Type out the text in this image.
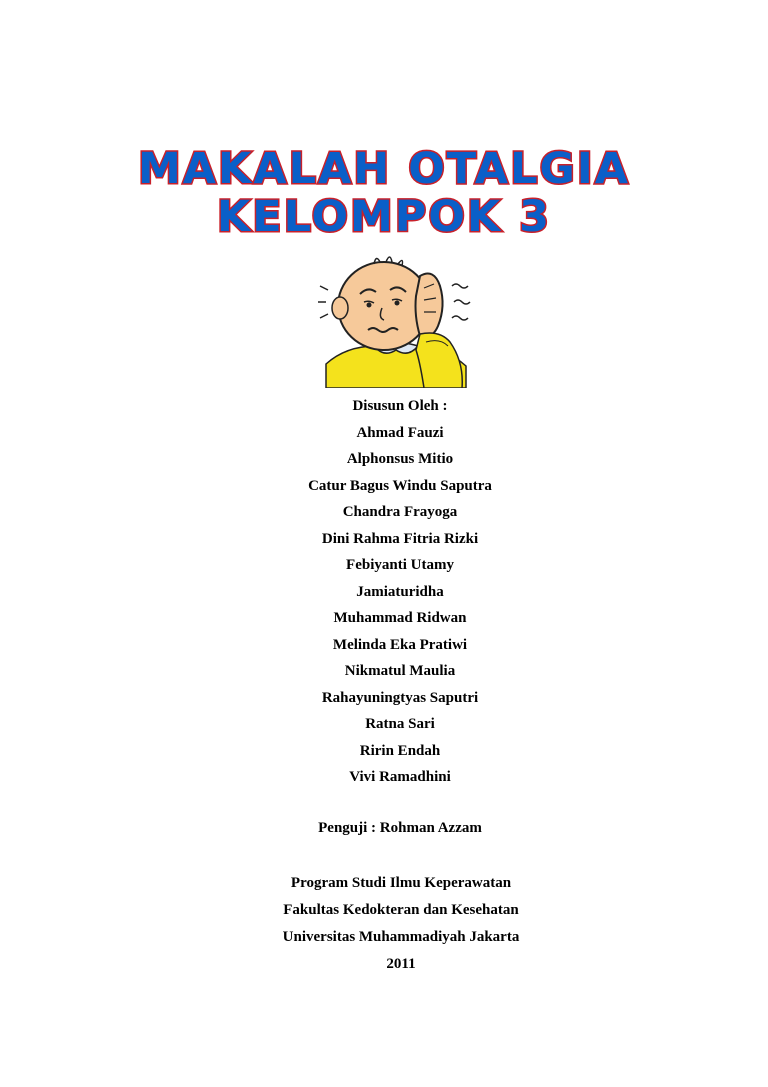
MAKALAH OTALGIA
KELOMPOK 3
Disusun Oleh :
Ahmad Fauzi
Alphonsus Mitio
Catur Bagus Windu Saputra
Chandra Frayoga
Dini Rahma Fitria Rizki
Febiyanti Utamy
Jamiaturidha
Muhammad Ridwan
Melinda Eka Pratiwi
Nikmatul Maulia
Rahayuningtyas Saputri
Ratna Sari
Ririn Endah
Vivi Ramadhini
Penguji : Rohman Azzam
Program Studi Ilmu Keperawatan
Fakultas Kedokteran dan Kesehatan
Universitas Muhammadiyah Jakarta
2011
